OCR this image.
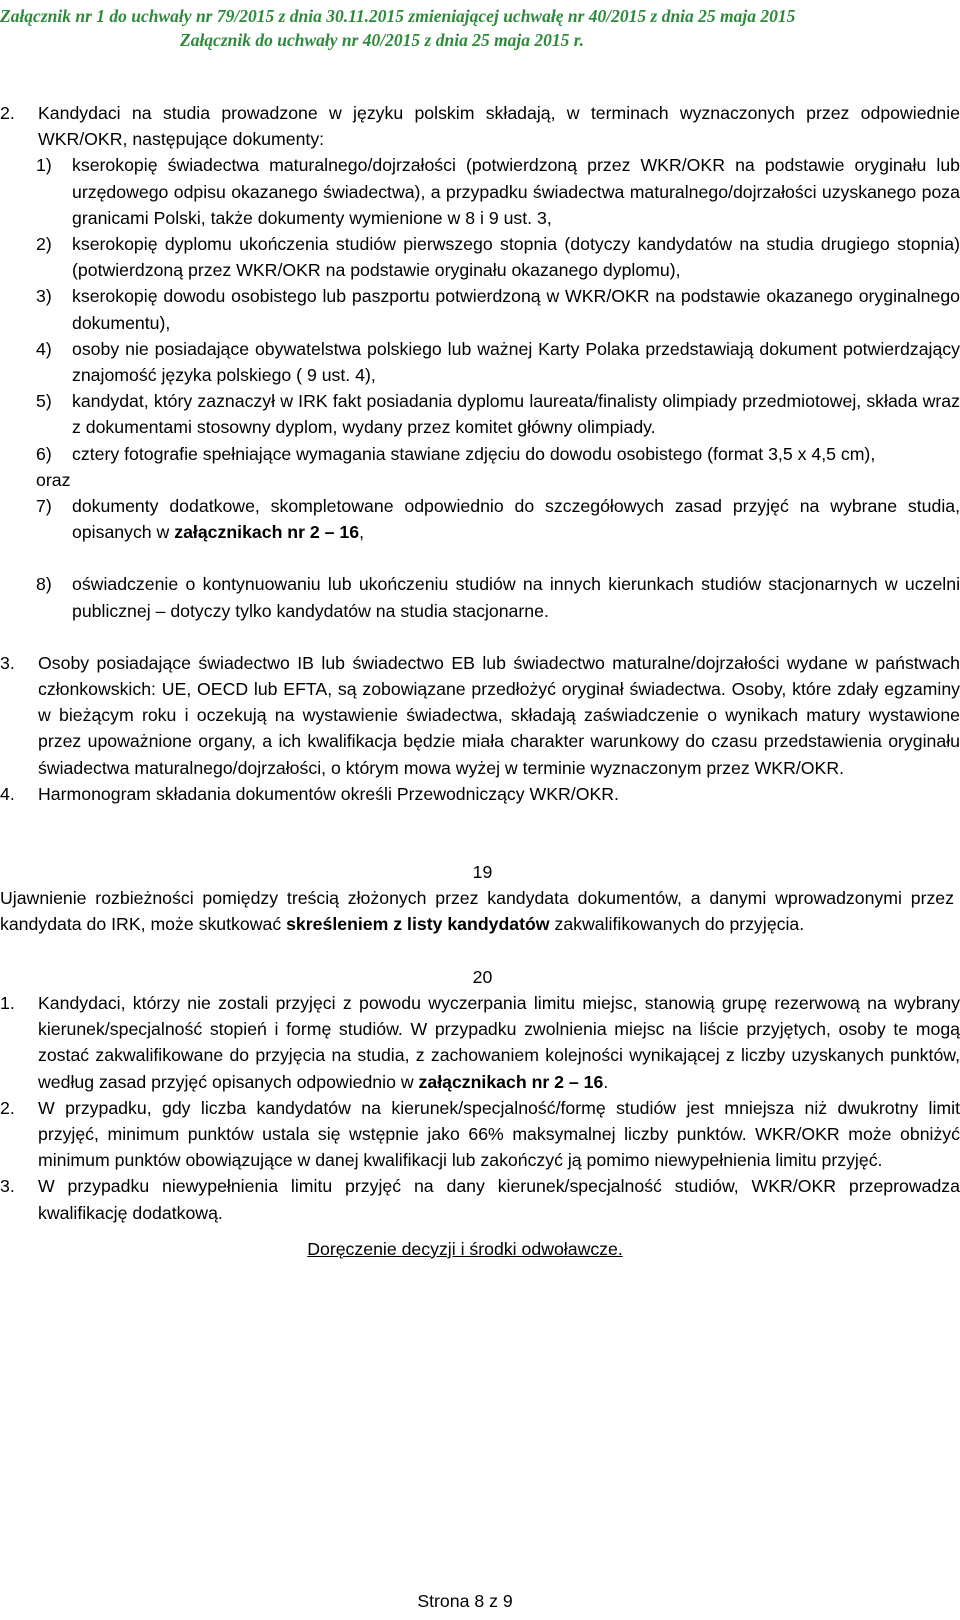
Załącznik nr 1 do uchwały nr 79/2015 z dnia 30.11.2015 zmieniającej uchwałę nr 40/2015 z dnia 25 maja 2015
Załącznik do uchwały nr 40/2015 z dnia 25 maja 2015 r.
2.	Kandydaci na studia prowadzone w języku polskim składają, w terminach wyznaczonych przez odpowiednie WKR/OKR, następujące dokumenty:
1)	kserokopię świadectwa maturalnego/dojrzałości (potwierdzoną przez WKR/OKR na podstawie oryginału lub urzędowego odpisu okazanego świadectwa), a przypadku świadectwa maturalnego/dojrzałości uzyskanego poza granicami Polski, także dokumenty wymienione w 8 i 9 ust. 3,
2)	kserokopię dyplomu ukończenia studiów pierwszego stopnia (dotyczy kandydatów na studia drugiego stopnia) (potwierdzoną przez WKR/OKR na podstawie oryginału okazanego dyplomu),
3)	kserokopię dowodu osobistego lub paszportu potwierdzoną w WKR/OKR na podstawie okazanego oryginalnego dokumentu),
4)	osoby nie posiadające obywatelstwa polskiego lub ważnej Karty Polaka przedstawiają dokument potwierdzający znajomość języka polskiego ( 9 ust. 4),
5)	kandydat, który zaznaczył w IRK fakt posiadania dyplomu laureata/finalisty olimpiady przedmiotowej, składa wraz z dokumentami stosowny dyplom, wydany przez komitet główny olimpiady.
6)	cztery fotografie spełniające wymagania stawiane zdjęciu do dowodu osobistego (format 3,5 x 4,5 cm),
oraz
7)	dokumenty dodatkowe, skompletowane odpowiednio do szczegółowych zasad przyjęć na wybrane studia, opisanych w załącznikach nr 2 – 16,
8)	oświadczenie o kontynuowaniu lub ukończeniu studiów na innych kierunkach studiów stacjonarnych w uczelni publicznej – dotyczy tylko kandydatów na studia stacjonarne.
3.	Osoby posiadające świadectwo IB lub świadectwo EB lub świadectwo maturalne/dojrzałości wydane w państwach członkowskich: UE, OECD lub EFTA, są zobowiązane przedłożyć oryginał świadectwa. Osoby, które zdały egzaminy w bieżącym roku i oczekują na wystawienie świadectwa, składają zaświadczenie o wynikach matury wystawione przez upoważnione organy, a ich kwalifikacja będzie miała charakter warunkowy do czasu przedstawienia oryginału świadectwa maturalnego/dojrzałości, o którym mowa wyżej w terminie wyznaczonym przez WKR/OKR.
4.	Harmonogram składania dokumentów określi Przewodniczący WKR/OKR.
19
Ujawnienie rozbieżności pomiędzy treścią złożonych przez kandydata dokumentów, a danymi wprowadzonymi przez kandydata do IRK, może skutkować skreśleniem z listy kandydatów zakwalifikowanych do przyjęcia.
20
1.	Kandydaci, którzy nie zostali przyjęci z powodu wyczerpania limitu miejsc, stanowią grupę rezerwową na wybrany kierunek/specjalność stopień i formę studiów. W przypadku zwolnienia miejsc na liście przyjętych, osoby te mogą zostać zakwalifikowane do przyjęcia na studia, z zachowaniem kolejności wynikającej z liczby uzyskanych punktów, według zasad przyjęć opisanych odpowiednio w załącznikach nr 2 – 16.
2.	W przypadku, gdy liczba kandydatów na kierunek/specjalność/formę studiów jest mniejsza niż dwukrotny limit przyjęć, minimum punktów ustala się wstępnie jako 66% maksymalnej liczby punktów. WKR/OKR może obniżyć minimum punktów obowiązujące w danej kwalifikacji lub zakończyć ją pomimo niewypełnienia limitu przyjęć.
3.	W przypadku niewypełnienia limitu przyjęć na dany kierunek/specjalność studiów, WKR/OKR przeprowadza kwalifikację dodatkową.
Doręczenie decyzji i środki odwoławcze.
Strona 8 z 9
